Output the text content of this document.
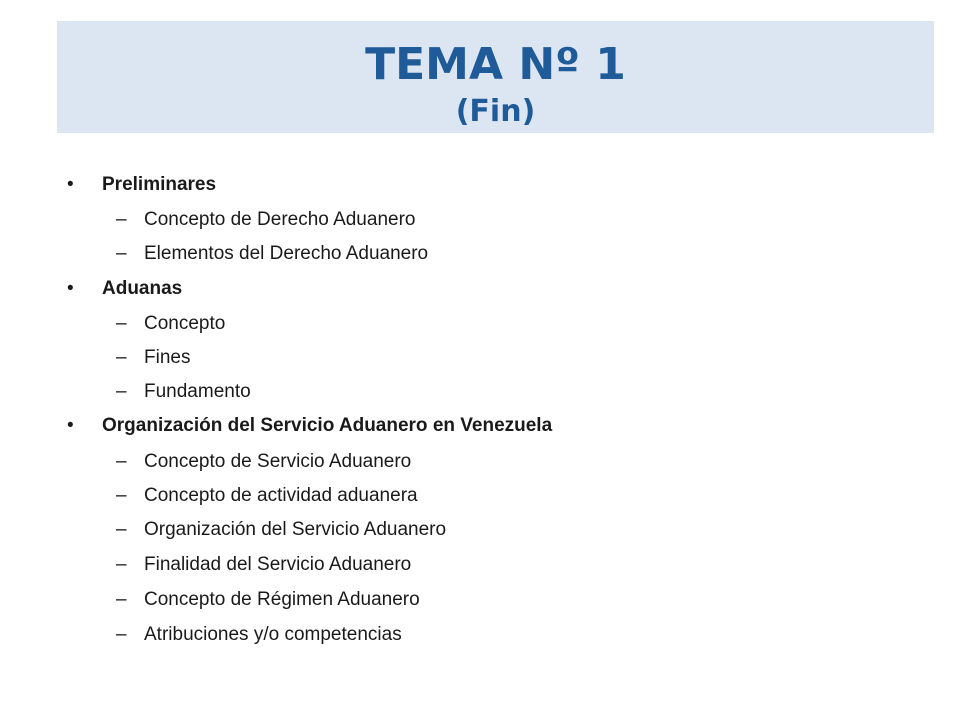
TEMA Nº 1
(Fin)
• Preliminares
– Concepto de Derecho Aduanero
– Elementos del Derecho Aduanero
• Aduanas
– Concepto
– Fines
– Fundamento
• Organización del Servicio Aduanero en Venezuela
– Concepto de Servicio Aduanero
– Concepto de actividad aduanera
– Organización del Servicio Aduanero
– Finalidad del Servicio Aduanero
– Concepto de Régimen Aduanero
– Atribuciones y/o competencias
